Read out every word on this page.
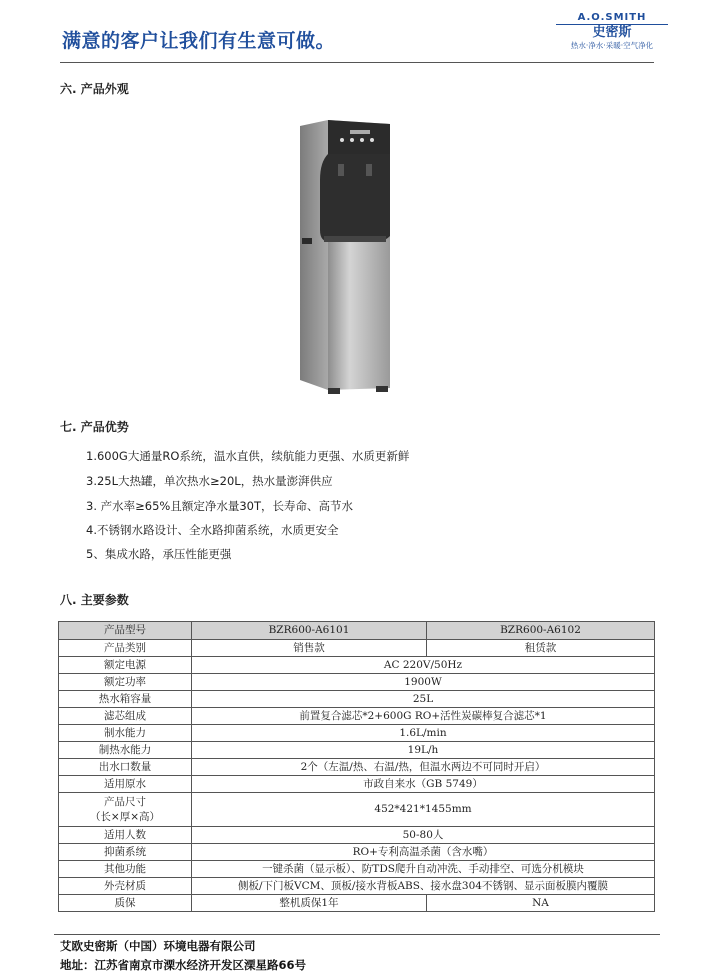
满意的客户让我们有生意可做。
A.O.SMITH
史密斯
热水·净水·采暖·空气净化
六. 产品外观
七. 产品优势
1.600G大通量RO系统，温水直供，续航能力更强、水质更新鲜
3.25L大热罐，单次热水≥20L，热水量澎湃供应
3. 产水率≥65%且额定净水量30T，长寿命、高节水
4.不锈钢水路设计、全水路抑菌系统，水质更安全
5、集成水路，承压性能更强
八. 主要参数
产品型号	BZR600-A6101	BZR600-A6102
产品类别	销售款	租赁款
额定电源	AC 220V/50Hz	
额定功率	1900W	
热水箱容量	25L	
滤芯组成	前置复合滤芯*2+600G RO+活性炭碳棒复合滤芯*1	
制水能力	1.6L/min	
制热水能力	19L/h	
出水口数量	2个（左温/热、右温/热，但温水两边不可同时开启）	
适用原水	市政自来水（GB 5749）	

产品尺寸
（长×厚×高）	452*421*1455mm	
适用人数	50-80人	
抑菌系统	RO+专利高温杀菌（含水嘴）	
其他功能	一键杀菌（显示板）、防TDS爬升自动冲洗、手动排空、可选分机模块	
外壳材质	侧板/下门板VCM、顶板/接水背板ABS、接水盘304不锈钢、显示面板膜内覆膜	
质保	整机质保1年	NA
艾欧史密斯（中国）环境电器有限公司
地址：江苏省南京市溧水经济开发区溧星路66号
